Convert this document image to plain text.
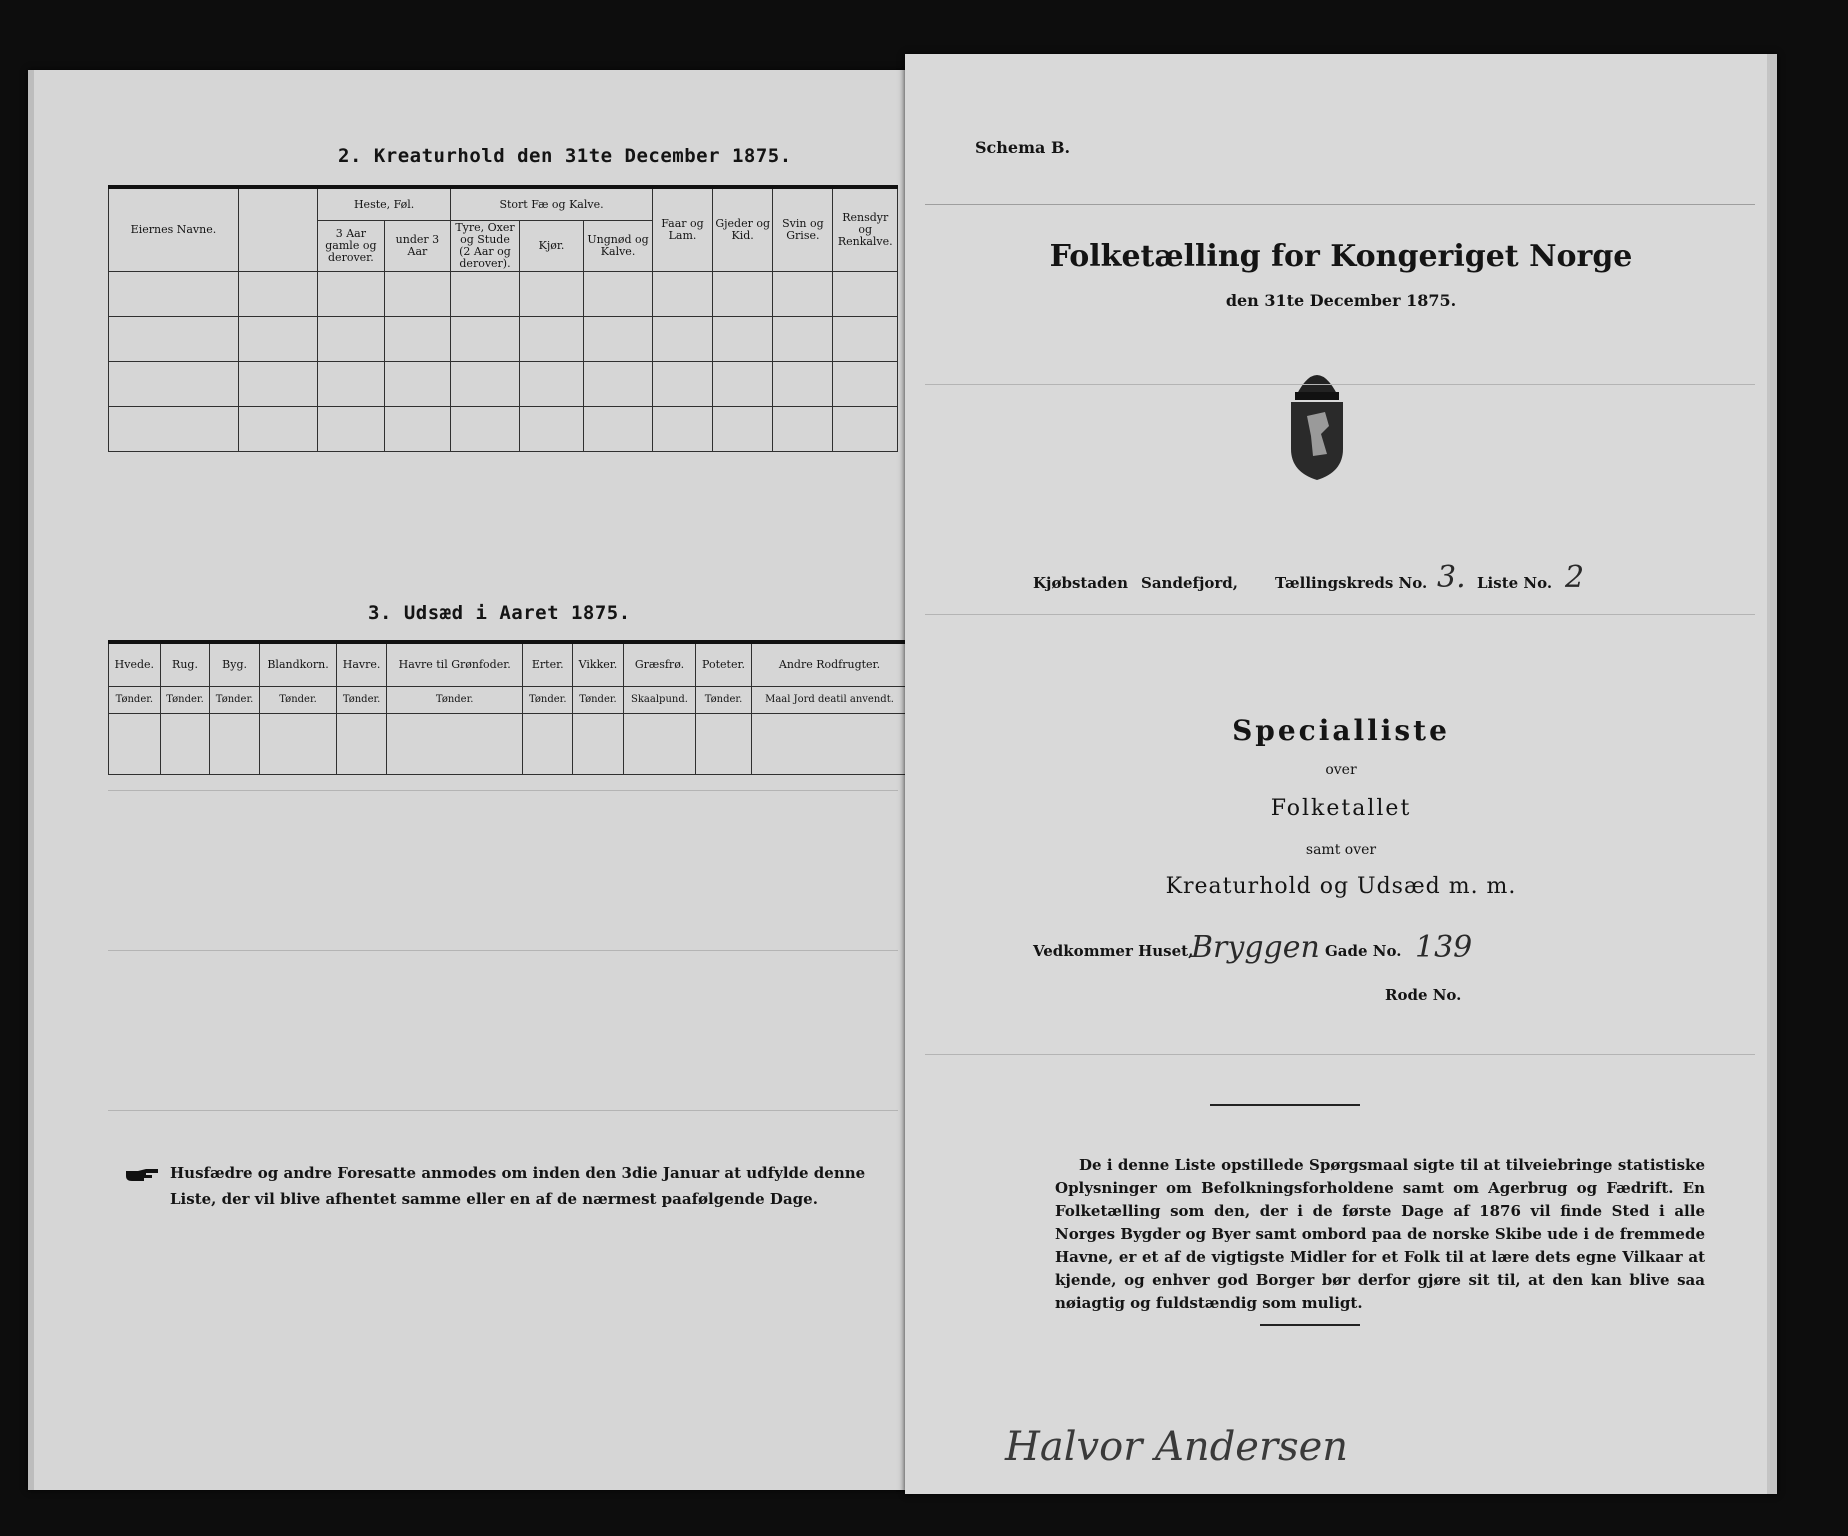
2. Kreaturhold den 31te December 1875.
Eiernes Navne.		Heste, Føl.		Stort Fæ og Kalve.			Faar og Lam.	Gjeder og Kid.	Svin og Grise.	Rensdyr og Renkalve.
		3 Aar gamle og derover.	under 3 Aar	Tyre, Oxer og Stude (2 Aar og derover).	Kjør.	Ungnød og Kalve.				

3. Udsæd i Aaret 1875.
Hvede.	Rug.	Byg.	Blandkorn.	Havre.	Havre til Grønfoder.	Erter.	Vikker.	Græsfrø.	Poteter.	Andre Rodfrugter.
Tønder.	Tønder.	Tønder.	Tønder.	Tønder.	Tønder.	Tønder.	Tønder.	Skaalpund.	Tønder.	Maal Jord deatil anvendt.

Husfædre og andre Foresatte anmodes om inden den 3die Januar at udfylde denne Liste, der vil blive afhentet samme eller en af de nærmest paafølgende Dage.
Schema B.
Folketælling for Kongeriget Norge
den 31te December 1875.
Kjøbstaden Sandefjord, Tællingskreds No. 3. Liste No. 2
Specialliste
over
Folketallet
samt over
Kreaturhold og Udsæd m. m.
Vedkommer Huset,
Bryggen Gade No. 139
Rode No.
De i denne Liste opstillede Spørgsmaal sigte til at tilveiebringe statistiske Oplysninger om Befolkningsforholdene samt om Agerbrug og Fædrift. En Folketælling som den, der i de første Dage af 1876 vil finde Sted i alle Norges Bygder og Byer samt ombord paa de norske Skibe ude i de fremmede Havne, er et af de vigtigste Midler for et Folk til at lære dets egne Vilkaar at kjende, og enhver god Borger bør derfor gjøre sit til, at den kan blive saa nøiagtig og fuldstændig som muligt.
Halvor Andersen
